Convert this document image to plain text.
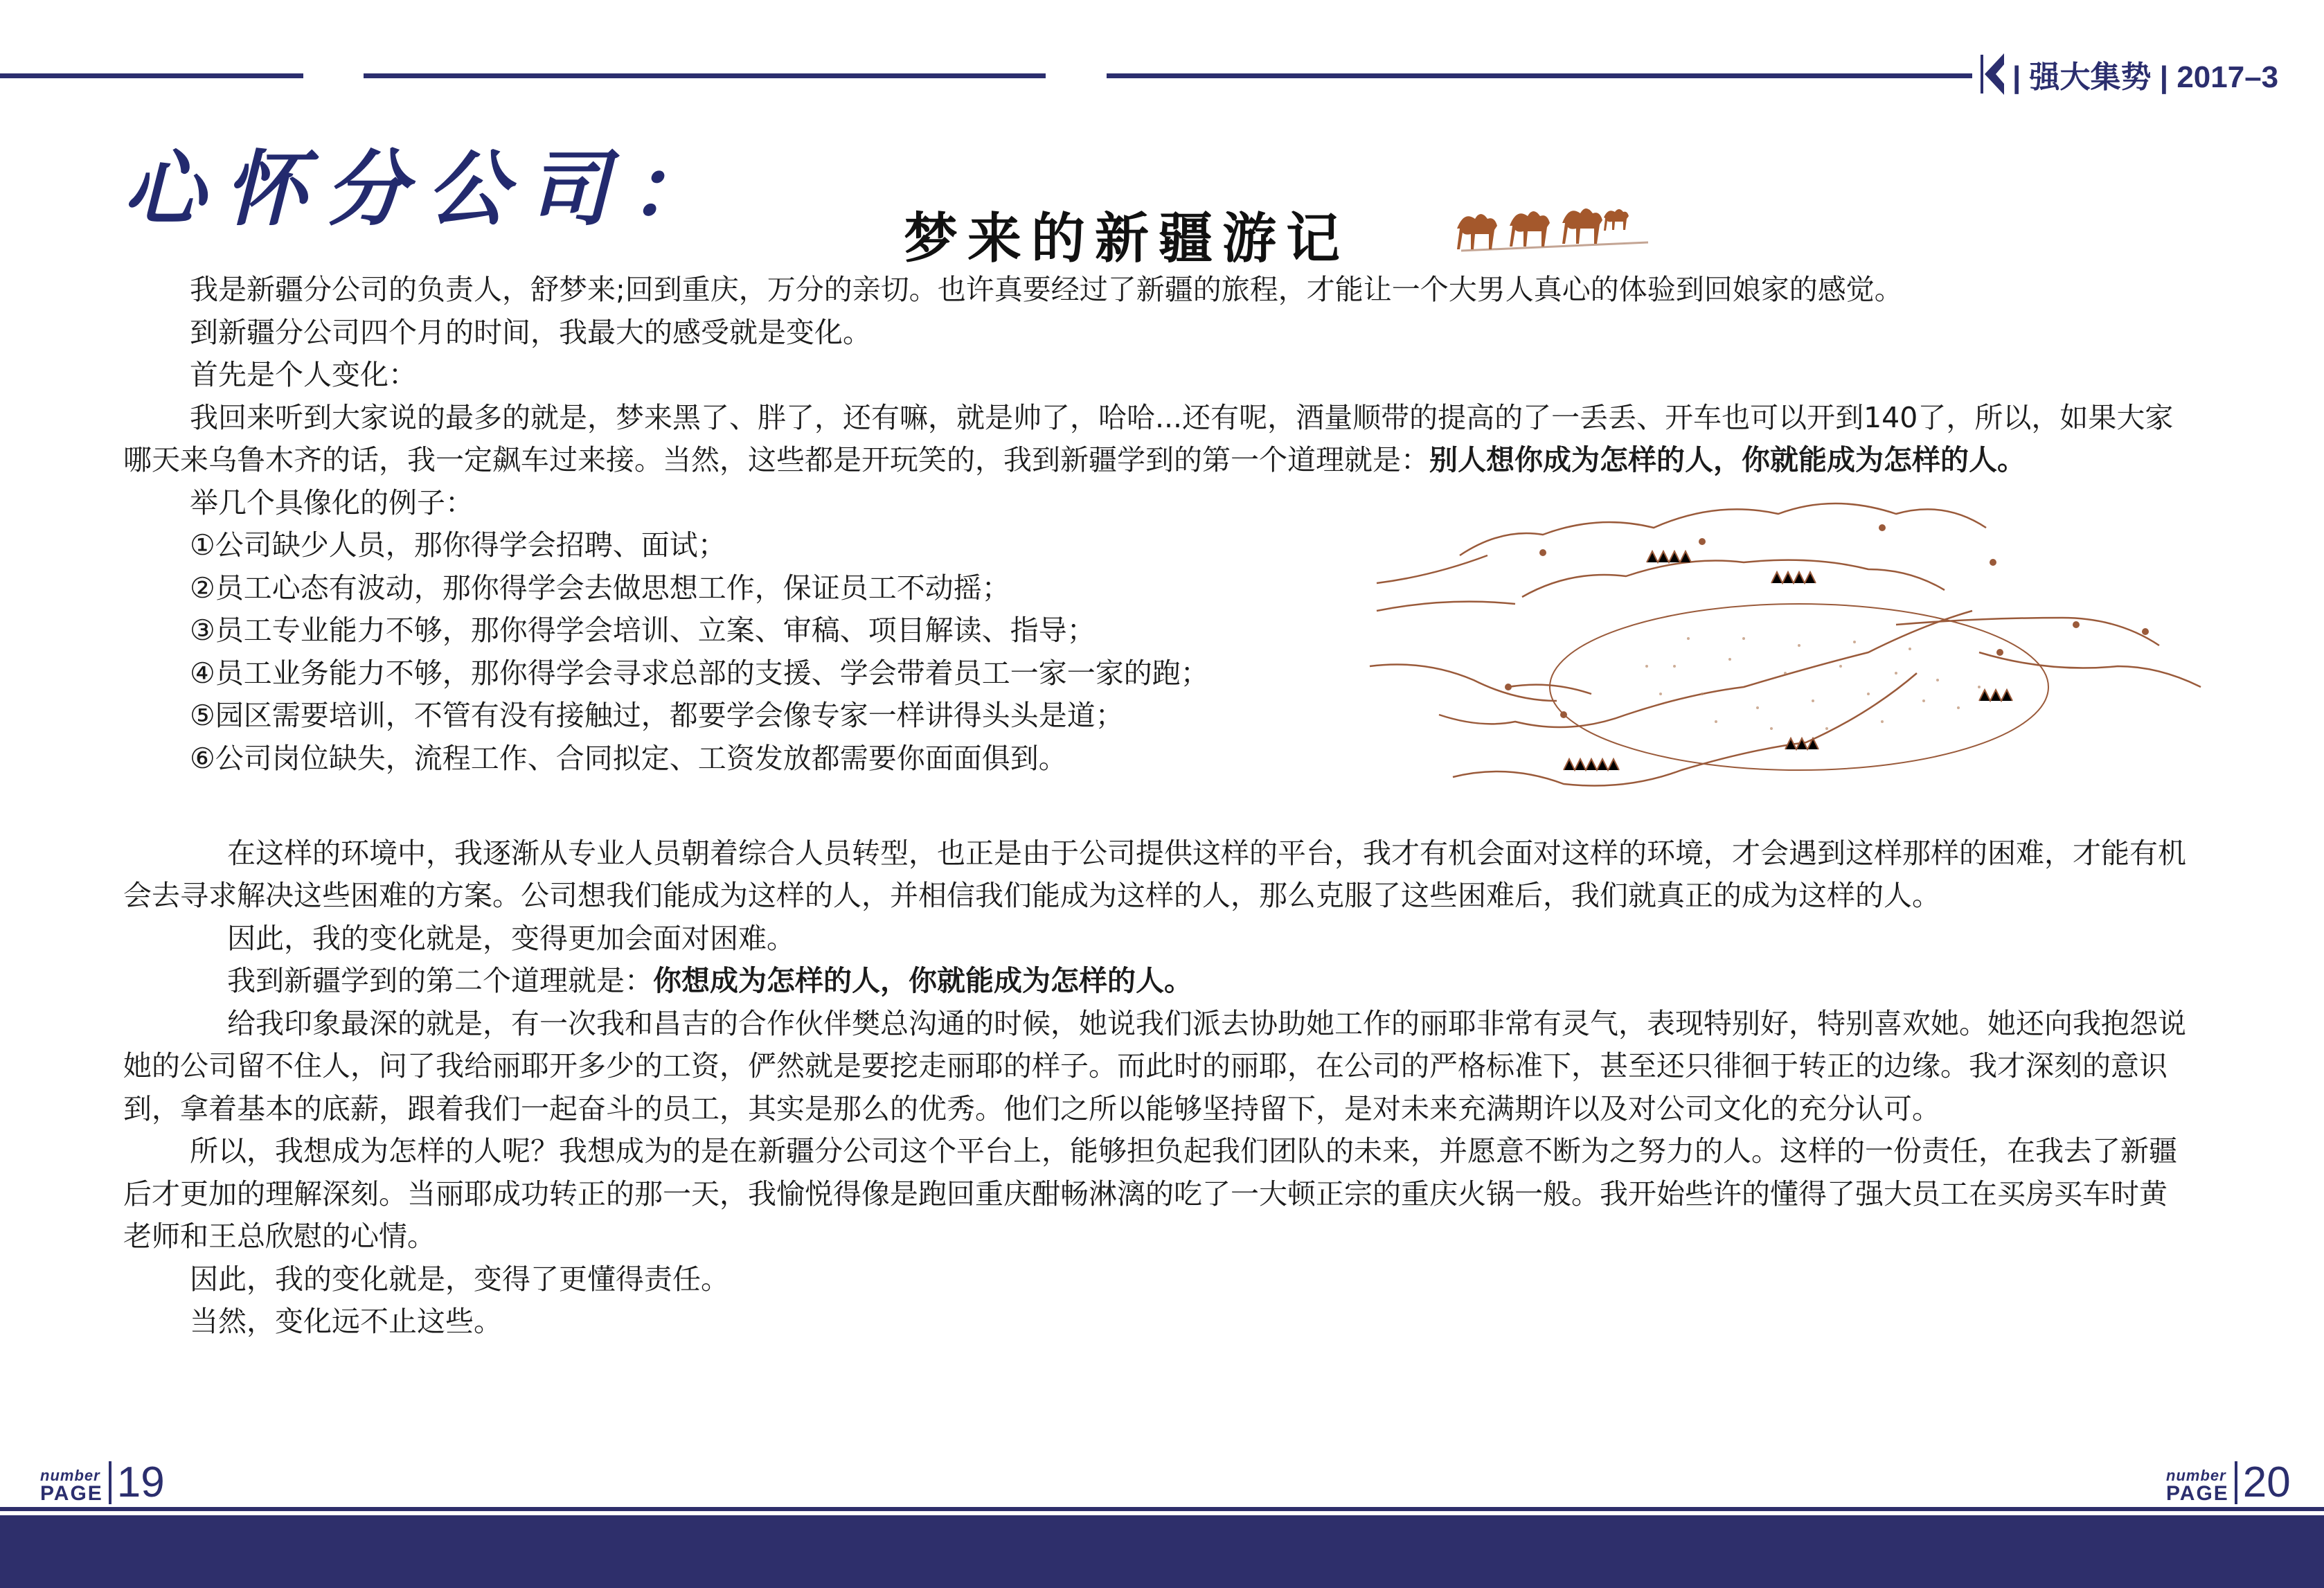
| 强大集势 | 2017–3
心怀分公司：
梦来的新疆游记

我是新疆分公司的负责人，舒梦来;回到重庆，万分的亲切。也许真要经过了新疆的旅程，才能让一个大男人真心的体验到回娘家的感觉。

到新疆分公司四个月的时间，我最大的感受就是变化。

首先是个人变化：

我回来听到大家说的最多的就是，梦来黑了、胖了，还有嘛，就是帅了，哈哈...还有呢，酒量顺带的提高的了一丢丢、开车也可以开到140了，所以，如果大家哪天来乌鲁木齐的话，我一定飙车过来接。当然，这些都是开玩笑的，我到新疆学到的第一个道理就是：别人想你成为怎样的人，你就能成为怎样的人。

举几个具像化的例子：

①公司缺少人员，那你得学会招聘、面试；

②员工心态有波动，那你得学会去做思想工作，保证员工不动摇；

③员工专业能力不够，那你得学会培训、立案、审稿、项目解读、指导；

④员工业务能力不够，那你得学会寻求总部的支援、学会带着员工一家一家的跑；

⑤园区需要培训，不管有没有接触过，都要学会像专家一样讲得头头是道；

⑥公司岗位缺失，流程工作、合同拟定、工资发放都需要你面面俱到。

在这样的环境中，我逐渐从专业人员朝着综合人员转型，也正是由于公司提供这样的平台，我才有机会面对这样的环境，才会遇到这样那样的困难，才能有机会去寻求解决这些困难的方案。公司想我们能成为这样的人，并相信我们能成为这样的人，那么克服了这些困难后，我们就真正的成为这样的人。

因此，我的变化就是，变得更加会面对困难。

我到新疆学到的第二个道理就是：你想成为怎样的人，你就能成为怎样的人。

给我印象最深的就是，有一次我和昌吉的合作伙伴樊总沟通的时候，她说我们派去协助她工作的丽耶非常有灵气，表现特别好，特别喜欢她。她还向我抱怨说她的公司留不住人，问了我给丽耶开多少的工资，俨然就是要挖走丽耶的样子。而此时的丽耶，在公司的严格标准下，甚至还只徘徊于转正的边缘。我才深刻的意识到，拿着基本的底薪，跟着我们一起奋斗的员工，其实是那么的优秀。他们之所以能够坚持留下，是对未来充满期许以及对公司文化的充分认可。

所以，我想成为怎样的人呢？我想成为的是在新疆分公司这个平台上，能够担负起我们团队的未来，并愿意不断为之努力的人。这样的一份责任，在我去了新疆后才更加的理解深刻。当丽耶成功转正的那一天，我愉悦得像是跑回重庆酣畅淋漓的吃了一大顿正宗的重庆火锅一般。我开始些许的懂得了强大员工在买房买车时黄老师和王总欣慰的心情。

因此，我的变化就是，变得了更懂得责任。

当然，变化远不止这些。

number
PAGE 19	number
PAGE 20
